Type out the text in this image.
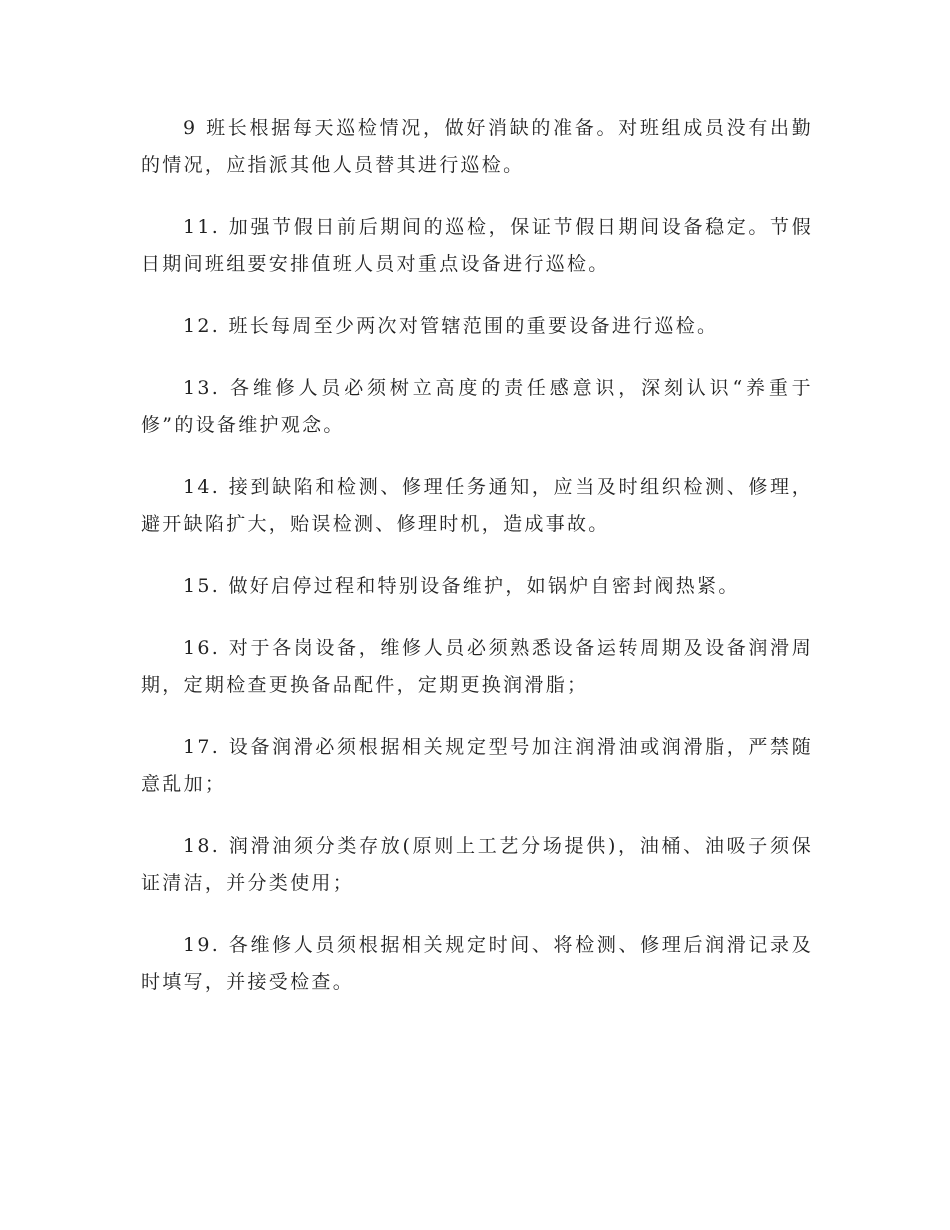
9 班长根据每天巡检情况，做好消缺的准备。对班组成员没有出勤的情况，应指派其他人员替其进行巡检。

11. 加强节假日前后期间的巡检，保证节假日期间设备稳定。节假日期间班组要安排值班人员对重点设备进行巡检。

12. 班长每周至少两次对管辖范围的重要设备进行巡检。

13. 各维修人员必须树立高度的责任感意识，深刻认识“养重于修”的设备维护观念。

14. 接到缺陷和检测、修理任务通知，应当及时组织检测、修理，避开缺陷扩大，贻误检测、修理时机，造成事故。

15. 做好启停过程和特别设备维护，如锅炉自密封阀热紧。

16. 对于各岗设备，维修人员必须熟悉设备运转周期及设备润滑周期，定期检查更换备品配件，定期更换润滑脂；

17. 设备润滑必须根据相关规定型号加注润滑油或润滑脂，严禁随意乱加；

18. 润滑油须分类存放(原则上工艺分场提供)，油桶、油吸子须保证清洁，并分类使用；

19. 各维修人员须根据相关规定时间、将检测、修理后润滑记录及时填写，并接受检查。
